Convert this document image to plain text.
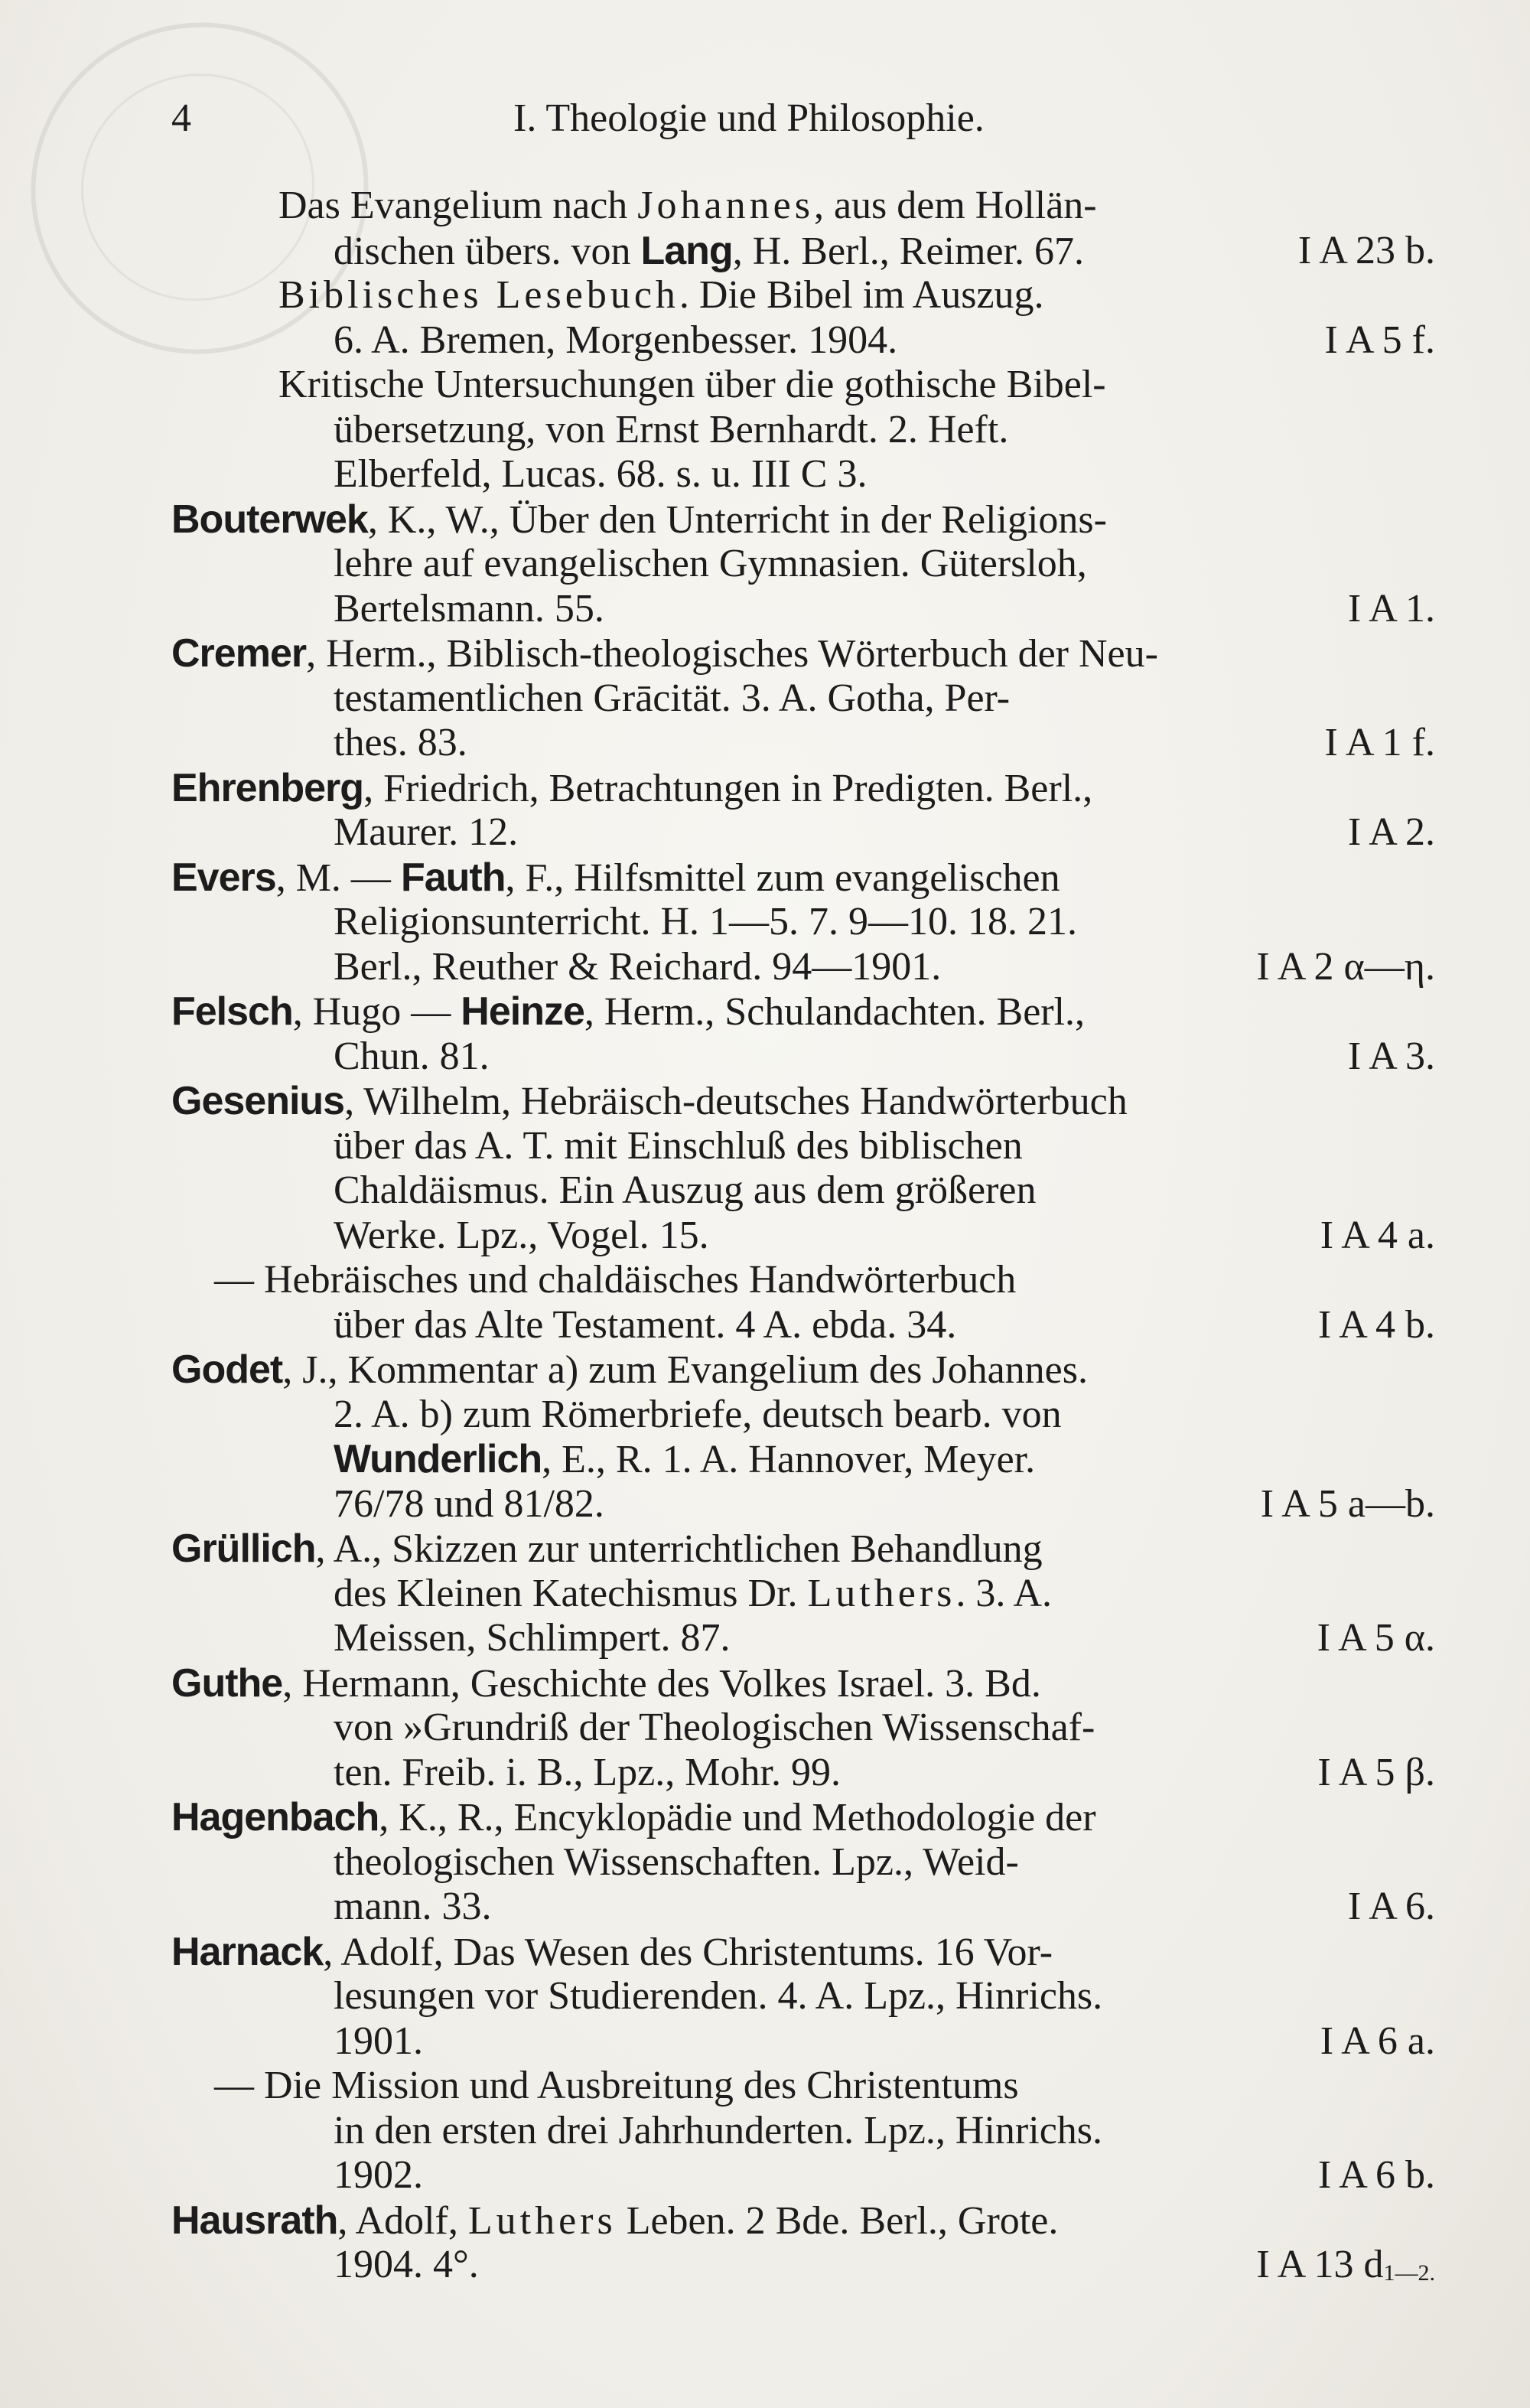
4	I. Theologie und Philosophie.
Das Evangelium nach Johannes, aus dem Hollän-
dischen übers. von Lang, H. Berl., Reimer. 67.	I A 23 b.
Biblisches Lesebuch. Die Bibel im Auszug.
6. A. Bremen, Morgenbesser. 1904.	I A 5 f.
Kritische Untersuchungen über die gothische Bibel-
übersetzung, von Ernst Bernhardt. 2. Heft.
Elberfeld, Lucas. 68. s. u. III C 3.
Bouterwek, K., W., Über den Unterricht in der Religions-
lehre auf evangelischen Gymnasien. Gütersloh,
Bertelsmann. 55.	I A 1.
Cremer, Herm., Biblisch-theologisches Wörterbuch der Neu-
testamentlichen Grācität. 3. A. Gotha, Per-
thes. 83.	I A 1 f.
Ehrenberg, Friedrich, Betrachtungen in Predigten. Berl.,
Maurer. 12.	I A 2.
Evers, M. — Fauth, F., Hilfsmittel zum evangelischen
Religionsunterricht. H. 1—5. 7. 9—10. 18. 21.
Berl., Reuther & Reichard. 94—1901.	I A 2 α—η.
Felsch, Hugo — Heinze, Herm., Schulandachten. Berl.,
Chun. 81.	I A 3.
Gesenius, Wilhelm, Hebräisch-deutsches Handwörterbuch
über das A. T. mit Einschluß des biblischen
Chaldäismus. Ein Auszug aus dem größeren
Werke. Lpz., Vogel. 15.	I A 4 a.
— Hebräisches und chaldäisches Handwörterbuch
über das Alte Testament. 4 A. ebda. 34.	I A 4 b.
Godet, J., Kommentar a) zum Evangelium des Johannes.
2. A. b) zum Römerbriefe, deutsch bearb. von
Wunderlich, E., R. 1. A. Hannover, Meyer.
76/78 und 81/82.	I A 5 a—b.
Grüllich, A., Skizzen zur unterrichtlichen Behandlung
des Kleinen Katechismus Dr. Luthers. 3. A.
Meissen, Schlimpert. 87.	I A 5 α.
Guthe, Hermann, Geschichte des Volkes Israel. 3. Bd.
von »Grundriß der Theologischen Wissenschaf-
ten. Freib. i. B., Lpz., Mohr. 99.	I A 5 β.
Hagenbach, K., R., Encyklopädie und Methodologie der
theologischen Wissenschaften. Lpz., Weid-
mann. 33.	I A 6.
Harnack, Adolf, Das Wesen des Christentums. 16 Vor-
lesungen vor Studierenden. 4. A. Lpz., Hinrichs.
1901.	I A 6 a.
— Die Mission und Ausbreitung des Christentums
in den ersten drei Jahrhunderten. Lpz., Hinrichs.
1902.	I A 6 b.
Hausrath, Adolf, Luthers Leben. 2 Bde. Berl., Grote.
1904. 4°.	I A 13 d1—2.
